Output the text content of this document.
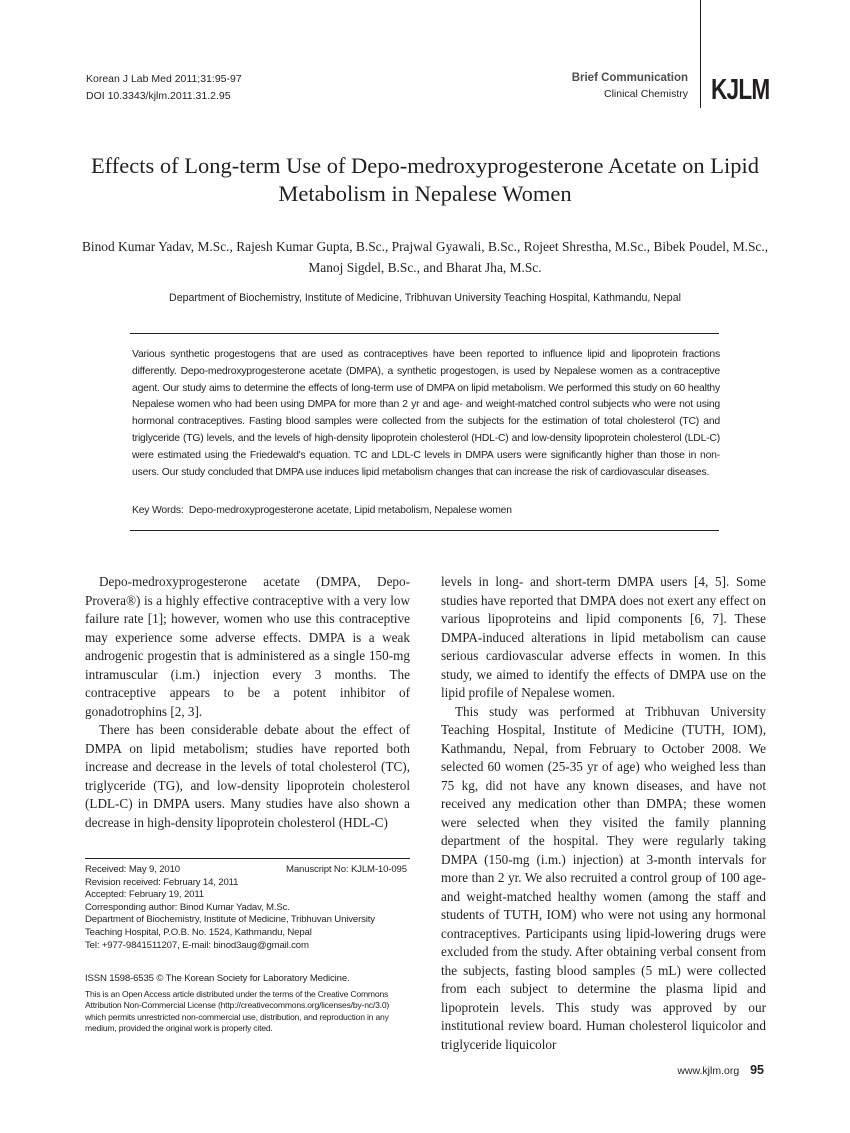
Korean J Lab Med 2011;31:95-97
DOI 10.3343/kjlm.2011.31.2.95
Brief Communication
Clinical Chemistry KJLM
Effects of Long-term Use of Depo-medroxyprogesterone Acetate on Lipid Metabolism in Nepalese Women
Binod Kumar Yadav, M.Sc., Rajesh Kumar Gupta, B.Sc., Prajwal Gyawali, B.Sc., Rojeet Shrestha, M.Sc., Bibek Poudel, M.Sc., Manoj Sigdel, B.Sc., and Bharat Jha, M.Sc.
Department of Biochemistry, Institute of Medicine, Tribhuvan University Teaching Hospital, Kathmandu, Nepal
Various synthetic progestogens that are used as contraceptives have been reported to influence lipid and lipoprotein fractions differently. Depo-medroxyprogesterone acetate (DMPA), a synthetic progestogen, is used by Nepalese women as a contraceptive agent. Our study aims to determine the effects of long-term use of DMPA on lipid metabolism. We performed this study on 60 healthy Nepalese women who had been using DMPA for more than 2 yr and age- and weight-matched control subjects who were not using hormonal contraceptives. Fasting blood samples were collected from the subjects for the estimation of total cholesterol (TC) and triglyceride (TG) levels, and the levels of high-density lipoprotein cholesterol (HDL-C) and low-density lipoprotein cholesterol (LDL-C) were estimated using the Friedewald's equation. TC and LDL-C levels in DMPA users were significantly higher than those in non-users. Our study concluded that DMPA use induces lipid metabolism changes that can increase the risk of cardiovascular diseases.
Key Words: Depo-medroxyprogesterone acetate, Lipid metabolism, Nepalese women

Depo-medroxyprogesterone acetate (DMPA, Depo-Provera®) is a highly effective contraceptive with a very low failure rate [1]; however, women who use this contraceptive may experience some adverse effects. DMPA is a weak androgenic progestin that is administered as a single 150-mg intramuscular (i.m.) injection every 3 months. The contraceptive appears to be a potent inhibitor of gonadotrophins [2, 3].

There has been considerable debate about the effect of DMPA on lipid metabolism; studies have reported both increase and decrease in the levels of total cholesterol (TC), triglyceride (TG), and low-density lipoprotein cholesterol (LDL-C) in DMPA users. Many studies have also shown a decrease in high-density lipoprotein cholesterol (HDL-C)

levels in long- and short-term DMPA users [4, 5]. Some studies have reported that DMPA does not exert any effect on various lipoproteins and lipid components [6, 7]. These DMPA-induced alterations in lipid metabolism can cause serious cardiovascular adverse effects in women. In this study, we aimed to identify the effects of DMPA use on the lipid profile of Nepalese women.

This study was performed at Tribhuvan University Teaching Hospital, Institute of Medicine (TUTH, IOM), Kathmandu, Nepal, from February to October 2008. We selected 60 women (25-35 yr of age) who weighed less than 75 kg, did not have any known diseases, and have not received any medication other than DMPA; these women were selected when they visited the family planning department of the hospital. They were regularly taking DMPA (150-mg (i.m.) injection) at 3-month intervals for more than 2 yr. We also recruited a control group of 100 age- and weight-matched healthy women (among the staff and students of TUTH, IOM) who were not using any hormonal contraceptives. Participants using lipid-lowering drugs were excluded from the study. After obtaining verbal consent from the subjects, fasting blood samples (5 mL) were collected from each subject to determine the plasma lipid and lipoprotein levels. This study was approved by our institutional review board. Human cholesterol liquicolor and triglyceride liquicolor

Received: May 9, 2010	Manuscript No: KJLM-10-095
Revision received: February 14, 2011
Accepted: February 19, 2011
Corresponding author: Binod Kumar Yadav, M.Sc.
Department of Biochemistry, Institute of Medicine, Tribhuvan University Teaching Hospital, P.O.B. No. 1524, Kathmandu, Nepal
Tel: +977-9841511207, E-mail: binod3aug@gmail.com
ISSN 1598-6535 © The Korean Society for Laboratory Medicine.
This is an Open Access article distributed under the terms of the Creative Commons Attribution Non-Commercial License (http://creativecommons.org/licenses/by-nc/3.0) which permits unrestricted non-commercial use, distribution, and reproduction in any medium, provided the original work is properly cited.
www.kjlm.org 95
